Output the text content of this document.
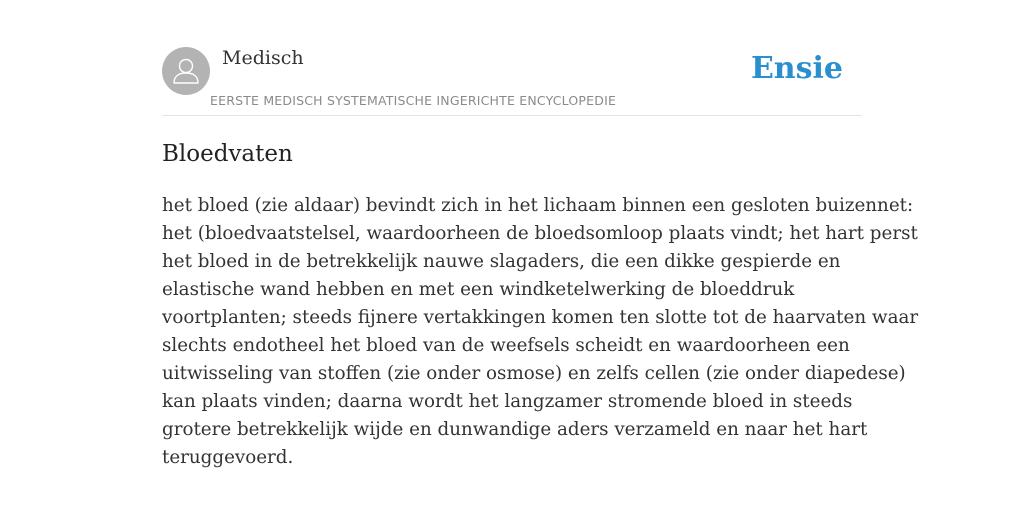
Medisch
EERSTE MEDISCH SYSTEMATISCHE INGERICHTE ENCYCLOPEDIE
Ensie
Bloedvaten

het bloed (zie aldaar) bevindt zich in het lichaam binnen een gesloten buizennet:
het (bloedvaatstelsel, waardoorheen de bloedsomloop plaats vindt; het hart perst
het bloed in de betrekkelijk nauwe slagaders, die een dikke gespierde en
elastische wand hebben en met een windketelwerking de bloeddruk
voortplanten; steeds fijnere vertakkingen komen ten slotte tot de haarvaten waar
slechts endotheel het bloed van de weefsels scheidt en waardoorheen een
uitwisseling van stoffen (zie onder osmose) en zelfs cellen (zie onder diapedese)
kan plaats vinden; daarna wordt het langzamer stromende bloed in steeds
grotere betrekkelijk wijde en dunwandige aders verzameld en naar het hart
teruggevoerd.
